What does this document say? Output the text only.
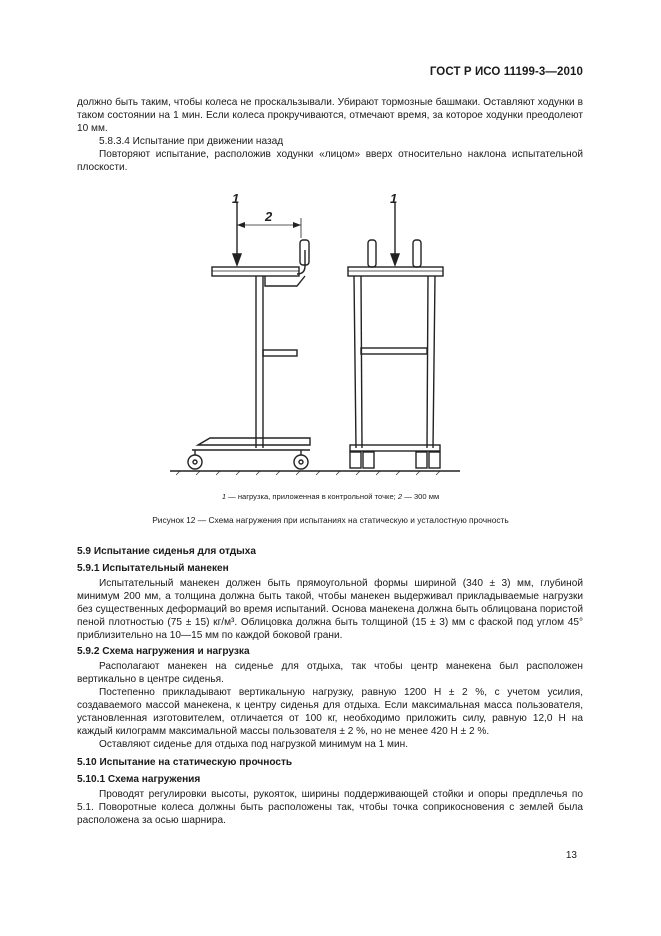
ГОСТ Р ИСО 11199-3—2010

должно быть таким, чтобы колеса не проскальзывали. Убирают тормозные башмаки. Оставляют ходунки в таком состоянии на 1 мин. Если колеса прокручиваются, отмечают время, за которое ходунки преодолеют 10 мм.

5.8.3.4 Испытание при движении назад

Повторяют испытание, расположив ходунки «лицом» вверх относительно наклона испытательной плоскости.

1
2
1
1 — нагрузка, приложенная в контрольной точке; 2 — 300 мм
Рисунок 12 — Схема нагружения при испытаниях на статическую и усталостную прочность

5.9 Испытание сиденья для отдыха

5.9.1 Испытательный манекен

Испытательный манекен должен быть прямоугольной формы шириной (340 ± 3) мм, глубиной минимум 200 мм, а толщина должна быть такой, чтобы манекен выдерживал прикладываемые нагрузки без существенных деформаций во время испытаний. Основа манекена должна быть облицована пористой пеной плотностью (75 ± 15) кг/м³. Облицовка должна быть толщиной (15 ± 3) мм с фаской под углом 45° приблизительно на 10—15 мм по каждой боковой грани.

5.9.2 Схема нагружения и нагрузка

Располагают манекен на сиденье для отдыха, так чтобы центр манекена был расположен вертикально в центре сиденья.

Постепенно прикладывают вертикальную нагрузку, равную 1200 Н ± 2 %, с учетом усилия, создаваемого массой манекена, к центру сиденья для отдыха. Если максимальная масса пользователя, установленная изготовителем, отличается от 100 кг, необходимо приложить силу, равную 12,0 Н на каждый килограмм максимальной массы пользователя ± 2 %, но не менее 420 Н ± 2 %.

Оставляют сиденье для отдыха под нагрузкой минимум на 1 мин.

5.10 Испытание на статическую прочность

5.10.1 Схема нагружения

Проводят регулировки высоты, рукояток, ширины поддерживающей стойки и опоры предплечья по 5.1. Поворотные колеса должны быть расположены так, чтобы точка соприкосновения с землей была расположена за осью шарнира.

13
